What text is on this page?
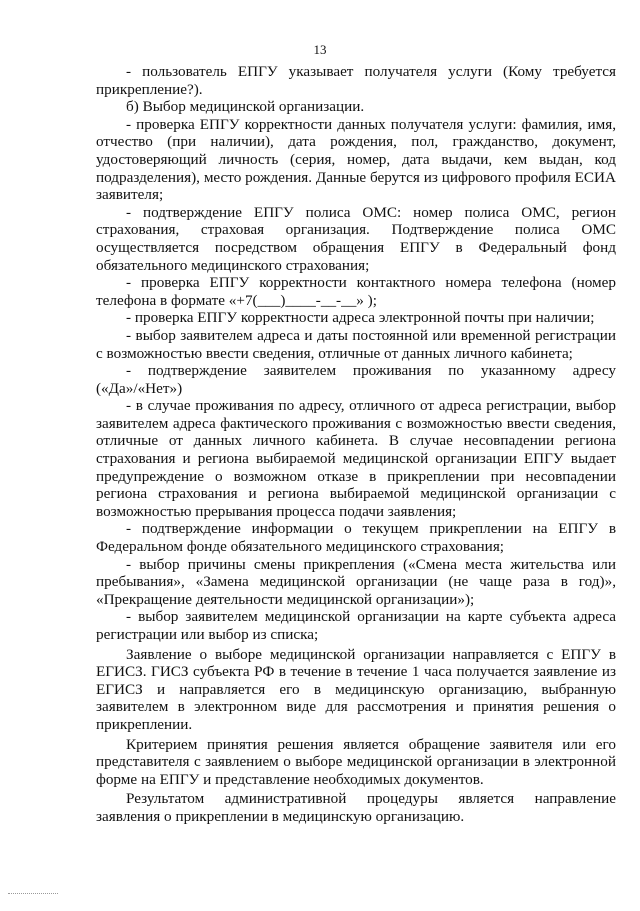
13

- пользователь ЕПГУ указывает получателя услуги (Кому требуется прикрепление?).

б) Выбор медицинской организации.

- проверка ЕПГУ корректности данных получателя услуги: фамилия, имя, отчество (при наличии), дата рождения, пол, гражданство, документ, удостоверяющий личность (серия, номер, дата выдачи, кем выдан, код подразделения), место рождения. Данные берутся из цифрового профиля ЕСИА заявителя;

- подтверждение ЕПГУ полиса ОМС: номер полиса ОМС, регион страхования, страховая организация. Подтверждение полиса ОМС осуществляется посредством обращения ЕПГУ в Федеральный фонд обязательного медицинского страхования;

- проверка ЕПГУ корректности контактного номера телефона (номер телефона в формате «+7(___)____-__-__» );

- проверка ЕПГУ корректности адреса электронной почты при наличии;

- выбор заявителем адреса и даты постоянной или временной регистрации с возможностью ввести сведения, отличные от данных личного кабинета;

- подтверждение заявителем проживания по указанному адресу («Да»/«Нет»)

- в случае проживания по адресу, отличного от адреса регистрации, выбор заявителем адреса фактического проживания с возможностью ввести сведения, отличные от данных личного кабинета. В случае несовпадении региона страхования и региона выбираемой медицинской организации ЕПГУ выдает предупреждение о возможном отказе в прикреплении при несовпадении региона страхования и региона выбираемой медицинской организации с возможностью прерывания процесса подачи заявления;

- подтверждение информации о текущем прикреплении на ЕПГУ в Федеральном фонде обязательного медицинского страхования;

- выбор причины смены прикрепления («Смена места жительства или пребывания», «Замена медицинской организации (не чаще раза в год)», «Прекращение деятельности медицинской организации»);

- выбор заявителем медицинской организации на карте субъекта адреса регистрации или выбор из списка;

Заявление о выборе медицинской организации направляется с ЕПГУ в ЕГИСЗ. ГИСЗ субъекта РФ в течение в течение 1 часа получается заявление из ЕГИСЗ и направляется его в медицинскую организацию, выбранную заявителем в электронном виде для рассмотрения и принятия решения о прикреплении.

Критерием принятия решения является обращение заявителя или его представителя с заявлением о выборе медицинской организации в электронной форме на ЕПГУ и представление необходимых документов.

Результатом административной процедуры является направление заявления о прикреплении в медицинскую организацию.
